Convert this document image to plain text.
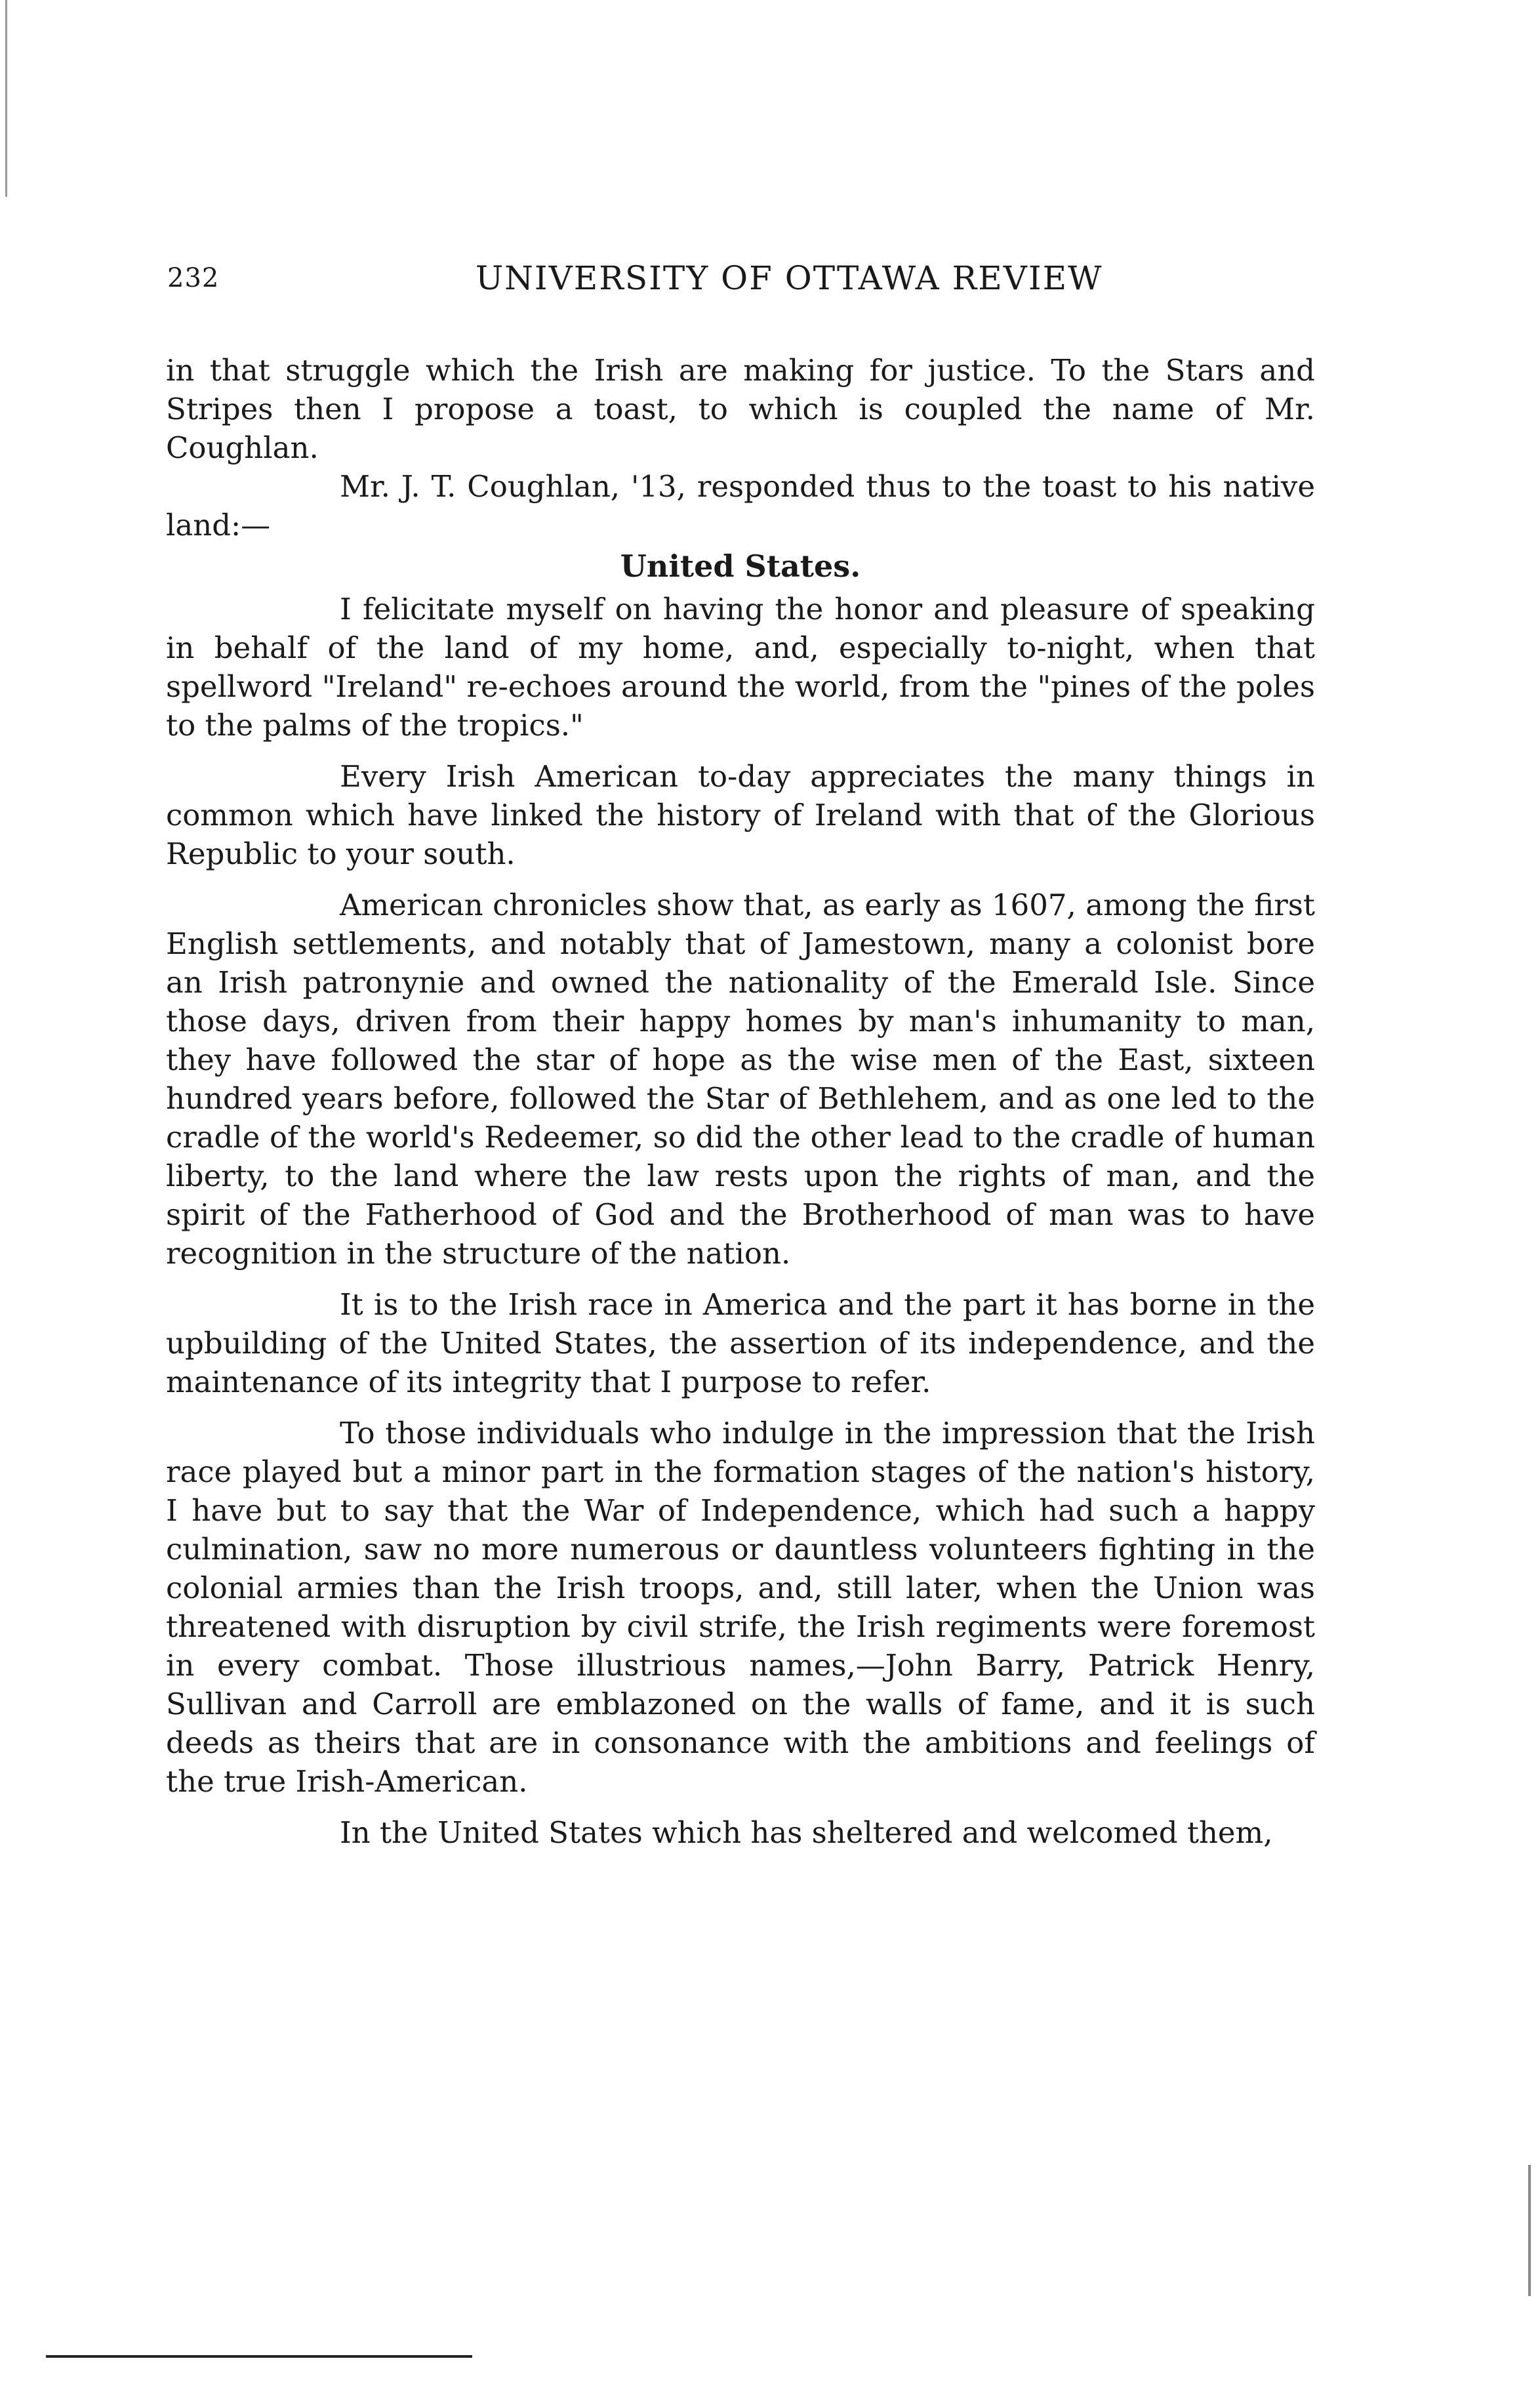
232	UNIVERSITY OF OTTAWA REVIEW

in that struggle which the Irish are making for justice. To the Stars and Stripes then I propose a toast, to which is coupled the name of Mr. Coughlan.

Mr. J. T. Coughlan, '13, responded thus to the toast to his native land:—

United States.

I felicitate myself on having the honor and pleasure of speaking in behalf of the land of my home, and, especially to-night, when that spellword "Ireland" re-echoes around the world, from the "pines of the poles to the palms of the tropics."

Every Irish American to-day appreciates the many things in common which have linked the history of Ireland with that of the Glorious Republic to your south.

American chronicles show that, as early as 1607, among the first English settlements, and notably that of Jamestown, many a colonist bore an Irish patronynie and owned the nationality of the Emerald Isle. Since those days, driven from their happy homes by man's inhumanity to man, they have followed the star of hope as the wise men of the East, sixteen hundred years before, followed the Star of Bethlehem, and as one led to the cradle of the world's Redeemer, so did the other lead to the cradle of human liberty, to the land where the law rests upon the rights of man, and the spirit of the Fatherhood of God and the Brotherhood of man was to have recognition in the structure of the nation.

It is to the Irish race in America and the part it has borne in the upbuilding of the United States, the assertion of its independence, and the maintenance of its integrity that I purpose to refer.

To those individuals who indulge in the impression that the Irish race played but a minor part in the formation stages of the nation's history, I have but to say that the War of Independence, which had such a happy culmination, saw no more numerous or dauntless volunteers fighting in the colonial armies than the Irish troops, and, still later, when the Union was threatened with disruption by civil strife, the Irish regiments were foremost in every combat. Those illustrious names,—John Barry, Patrick Henry, Sullivan and Carroll are emblazoned on the walls of fame, and it is such deeds as theirs that are in consonance with the ambitions and feelings of the true Irish-American.

In the United States which has sheltered and welcomed them,
